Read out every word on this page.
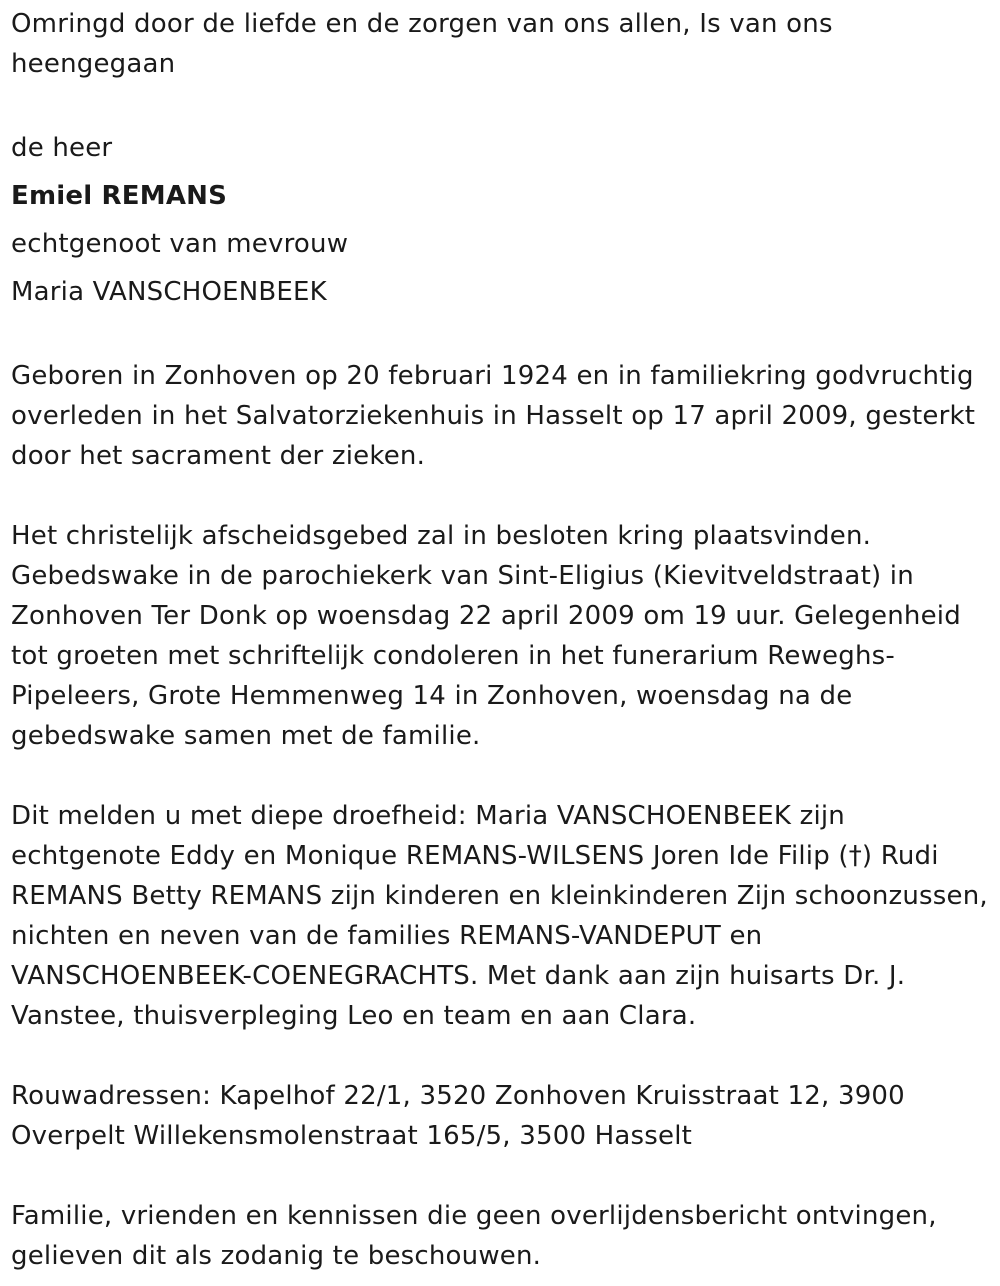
Omringd door de liefde en de zorgen van ons allen, Is van ons heengegaan

de heer

Emiel REMANS

echtgenoot van mevrouw

Maria VANSCHOENBEEK

Geboren in Zonhoven op 20 februari 1924 en in familiekring godvruchtig overleden in het Salvatorziekenhuis in Hasselt op 17 april 2009, gesterkt door het sacrament der zieken.

Het christelijk afscheidsgebed zal in besloten kring plaatsvinden. Gebedswake in de parochiekerk van Sint-Eligius (Kievitveldstraat) in Zonhoven Ter Donk op woensdag 22 april 2009 om 19 uur. Gelegenheid tot groeten met schriftelijk condoleren in het funerarium Reweghs-Pipeleers, Grote Hemmenweg 14 in Zonhoven, woensdag na de gebedswake samen met de familie.

Dit melden u met diepe droefheid: Maria VANSCHOENBEEK zijn echtgenote Eddy en Monique REMANS-WILSENS Joren Ide Filip (†) Rudi REMANS Betty REMANS zijn kinderen en kleinkinderen Zijn schoonzussen, nichten en neven van de families REMANS-VANDEPUT en VANSCHOENBEEK-COENEGRACHTS. Met dank aan zijn huisarts Dr. J. Vanstee, thuisverpleging Leo en team en aan Clara.

Rouwadressen: Kapelhof 22/1, 3520 Zonhoven Kruisstraat 12, 3900 Overpelt Willekensmolenstraat 165/5, 3500 Hasselt

Familie, vrienden en kennissen die geen overlijdensbericht ontvingen, gelieven dit als zodanig te beschouwen.
